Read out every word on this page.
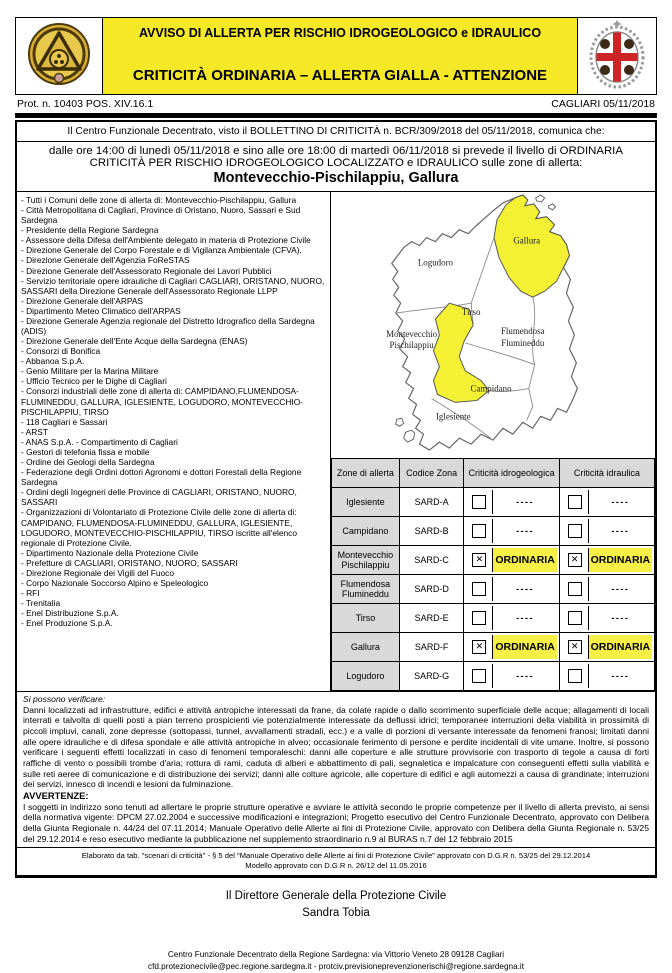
AVVISO DI ALLERTA PER RISCHIO IDROGEOLOGICO e IDRAULICO
CRITICITÀ ORDINARIA – ALLERTA GIALLA - ATTENZIONE
Prot. n. 10403 POS. XIV.16.1	CAGLIARI 05/11/2018
Il Centro Funzionale Decentrato, visto il BOLLETTINO DI CRITICITÀ n. BCR/309/2018 del 05/11/2018, comunica che:
dalle ore 14:00 di lunedì 05/11/2018 e sino alle ore 18:00 di martedì 06/11/2018 si prevede il livello di ORDINARIA CRITICITÀ PER RISCHIO IDROGEOLOGICO LOCALIZZATO e IDRAULICO sulle zone di allerta:
Montevecchio-Pischilappiu, Gallura
- Tutti i Comuni delle zone di allerta di: Montevecchio-Pischilappiu, Gallura
- Città Metropolitana di Cagliari, Province di Oristano, Nuoro, Sassari e Sud Sardegna
- Presidente della Regione Sardegna
- Assessore della Difesa dell'Ambiente delegato in materia di Protezione Civile
- Direzione Generale del Corpo Forestale e di Vigilanza Ambientale (CFVA).
- Direzione Generale dell'Agenzia FoReSTAS
- Direzione Generale dell'Assessorato Regionale dei Lavori Pubblici
- Servizio territoriale opere idrauliche di Cagliari CAGLIARI, ORISTANO, NUORO, SASSARI della Direzione Generale dell'Assessorato Regionale LLPP
- Direzione Generale dell'ARPAS
- Dipartimento Meteo Climatico dell'ARPAS
- Direzione Generale Agenzia regionale del Distretto Idrografico della Sardegna (ADIS)
- Direzione Generale dell'Ente Acque della Sardegna (ENAS)
- Consorzi di Bonifica
- Abbanoa S.p.A.
- Genio Militare per la Marina Militare
- Ufficio Tecnico per le Dighe di Cagliari
- Consorzi industriali delle zone di allerta di: CAMPIDANO,FLUMENDOSA-FLUMINEDDU, GALLURA, IGLESIENTE, LOGUDORO, MONTEVECCHIO-PISCHILAPPIU, TIRSO
- 118 Cagliari e Sassari
- ARST
- ANAS S.p.A. - Compartimento di Cagliari
- Gestori di telefonia fissa e mobile
- Ordine dei Geologi della Sardegna
- Federazione degli Ordini dottori Agronomi e dottori Forestali della Regione Sardegna
- Ordini degli Ingegneri delle Province di CAGLIARI, ORISTANO, NUORO, SASSARI
- Organizzazioni di Volontariato di Protezione Civile delle zone di allerta di: CAMPIDANO, FLUMENDOSA-FLUMINEDDU, GALLURA, IGLESIENTE, LOGUDORO, MONTEVECCHIO-PISCHILAPPIU, TIRSO iscritte all'elenco regionale di Protezione Civile.
- Dipartimento Nazionale della Protezione Civile
- Prefetture di CAGLIARI, ORISTANO, NUORO, SASSARI
- Direzione Regionale dei Vigili del Fuoco
- Corpo Nazionale Soccorso Alpino e Speleologico
- RFI
- Trenitalia
- Enel Distribuzione S.p.A.
- Enel Produzione S.p.A.
Gallura
Logudoro
Tirso
Montevecchio
Pischilappiu
Flumendosa
Flumineddu
Campidano
Iglesiente
Zone di allerta	Codice Zona	Criticità idrogeologica	Criticità idraulica
Iglesiente	SARD-A	----	----

Campidano	SARD-B	----	----

Montevecchio Pischilappiu	SARD-C	✕ ORDINARIA	✕ ORDINARIA

Flumendosa Flumineddu	SARD-D	----	----

Tirso	SARD-E	----	----

Gallura	SARD-F	✕ ORDINARIA	✕ ORDINARIA

Logudoro	SARD-G	----	----
Si possono verificare:
Danni localizzati ad infrastrutture, edifici e attività antropiche interessati da frane, da colate rapide o dallo scorrimento superficiale delle acque; allagamenti di locali interrati e talvolta di quelli posti a pian terreno prospicienti vie potenzialmente interessate da deflussi idrici; temporanee interruzioni della viabilità in prossimità di piccoli impluvi, canali, zone depresse (sottopassi, tunnel, avvallamenti stradali, ecc.) e a valle di porzioni di versante interessate da fenomeni franosi; limitati danni alle opere idrauliche e di difesa spondale e alle attività antropiche in alveo; occasionale ferimento di persone e perdite incidentali di vite umane. Inoltre, si possono verificare i seguenti effetti localizzati in caso di fenomeni temporaleschi: danni alle coperture e alle strutture provvisorie con trasporto di tegole a causa di forti raffiche di vento o possibili trombe d'aria; rottura di rami, caduta di alberi e abbattimento di pali, segnaletica e impalcature con conseguenti effetti sulla viabilità e sulle reti aeree di comunicazione e di distribuzione dei servizi; danni alle colture agricole, alle coperture di edifici e agli automezzi a causa di grandinate; interruzioni dei servizi, innesco di incendi e lesioni da fulminazione.
AVVERTENZE:
I soggetti in indirizzo sono tenuti ad allertare le proprie strutture operative e avviare le attività secondo le proprie competenze per il livello di allerta previsto, ai sensi della normativa vigente: DPCM 27.02.2004 e successive modificazioni e integrazioni; Progetto esecutivo del Centro Funzionale Decentrato, approvato con Delibera della Giunta Regionale n. 44/24 del 07.11.2014; Manuale Operativo delle Allerte ai fini di Protezione Civile, approvato con Delibera della Giunta Regionale n. 53/25 del 29.12.2014 e reso esecutivo mediante la pubblicazione nel supplemento straordinario n.9 al BURAS n.7 del 12 febbraio 2015
Elaborato da tab. "scenari di criticità" - § 5 del "Manuale Operativo delle Allerte ai fini di Protezione Civile" approvato con D.G.R n. 53/25 del 29.12.2014
Modello approvato con D.G.R n. 26/12 del 11.05.2016
Il Direttore Generale della Protezione Civile
Sandra Tobia
Centro Funzionale Decentrato della Regione Sardegna: via Vittorio Veneto 28 09128 Cagliari
cfd.protezionecivile@pec.regione.sardegna.it - protciv.previsioneprevenzionerischi@regione.sardegna.it
